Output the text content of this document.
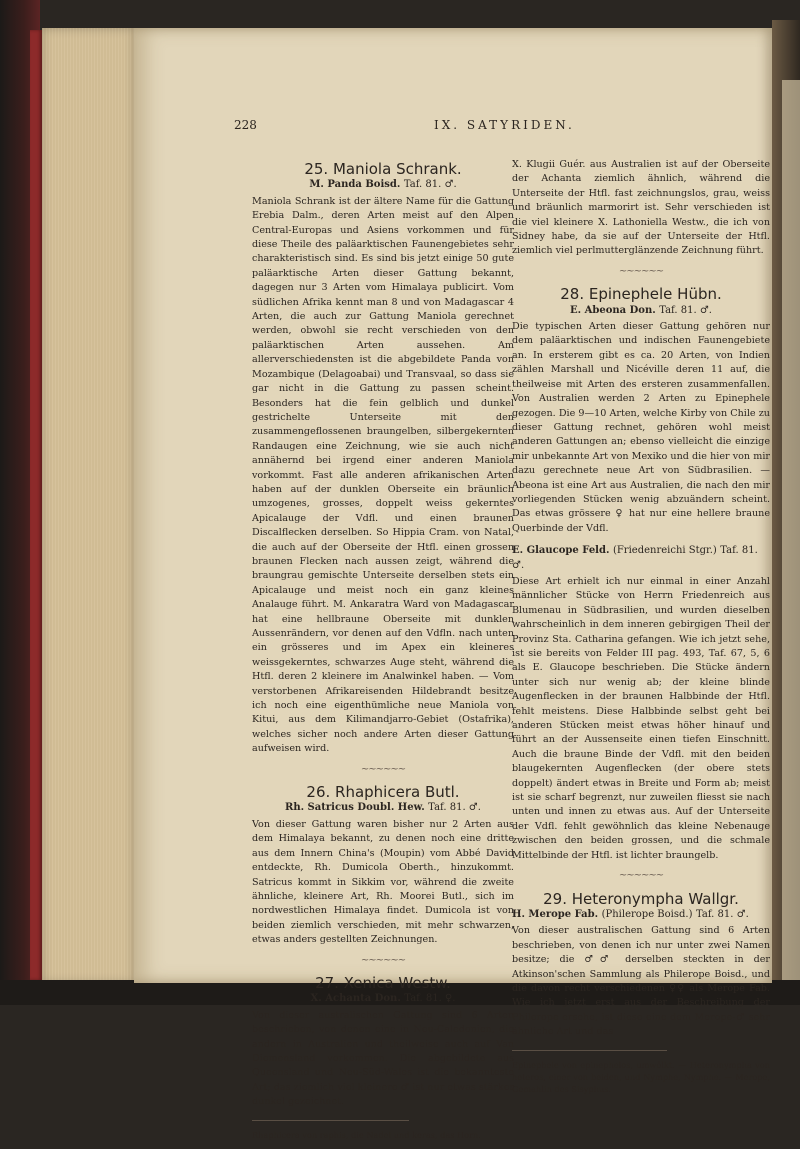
228	IX. SATYRIDEN.
25. Maniola Schrank.
M. Panda Boisd. Taf. 81. ♂.

Maniola Schrank ist der ältere Name für die Gattung Erebia Dalm., deren Arten meist auf den Alpen Central-Europas und Asiens vorkommen und für diese Theile des paläarktischen Faunengebietes sehr charakteristisch sind. Es sind bis jetzt einige 50 gute paläarktische Arten dieser Gattung bekannt, dagegen nur 3 Arten vom Himalaya publicirt. Vom südlichen Afrika kennt man 8 und von Madagascar 4 Arten, die auch zur Gattung Maniola gerechnet werden, obwohl sie recht verschieden von den paläarktischen Arten aussehen. Am allerverschiedensten ist die abgebildete Panda von Mozambique (Delagoabai) und Transvaal, so dass sie gar nicht in die Gattung zu passen scheint. Besonders hat die fein gelblich und dunkel gestrichelte Unterseite mit den zusammengeflossenen braungelben, silbergekernten Randaugen eine Zeichnung, wie sie auch nicht annähernd bei irgend einer anderen Maniola vorkommt. Fast alle anderen afrikanischen Arten haben auf der dunklen Oberseite ein bräunlich umzogenes, grosses, doppelt weiss gekerntes Apicalauge der Vdfl. und einen braunen Discalflecken derselben. So Hippia Cram. von Natal, die auch auf der Oberseite der Htfl. einen grossen braunen Flecken nach aussen zeigt, während die braungrau gemischte Unterseite derselben stets ein Apicalauge und meist noch ein ganz kleines Analauge führt. M. Ankaratra Ward von Madagascar hat eine hellbraune Oberseite mit dunklen Aussenrändern, vor denen auf den Vdfln. nach unten ein grösseres und im Apex ein kleineres weissgekerntes, schwarzes Auge steht, während die Htfl. deren 2 kleinere im Analwinkel haben. — Vom verstorbenen Afrikareisenden Hildebrandt besitze ich noch eine eigenthümliche neue Maniola von Kitui, aus dem Kilimandjarro-Gebiet (Ostafrika), welches sicher noch andere Arten dieser Gattung aufweisen wird.

~~~~~~
26. Rhaphicera Butl.
Rh. Satricus Doubl. Hew. Taf. 81. ♂.

Von dieser Gattung waren bisher nur 2 Arten aus dem Himalaya bekannt, zu denen noch eine dritte aus dem Innern China's (Moupin) vom Abbé David entdeckte, Rh. Dumicola Oberth., hinzukommt. Satricus kommt in Sikkim vor, während die zweite ähnliche, kleinere Art, Rh. Moorei Butl., sich im nordwestlichen Himalaya findet. Dumicola ist von beiden ziemlich verschieden, mit mehr schwarzen, etwas anders gestellten Zeichnungen.

~~~~~~
27. Xenica Westw.
X. Achanta Don. Taf. 81. ♀.

Von dieser australischen Gattung sind 6 Arten beschrieben, von denen eine in Neu-Caledonien, die andern in Australien und theilweise auch auf Van Diemensland vorkommen. Die abgebildete aus Queensland und Neu-Süd-Wales ist die bekannteste Art; das ziemlich viel kleinere ♂ ist nur etwas stärker dunkel gezeichnet.

Rhaphicera von raphis, die Nadel und keras, das Horn.

X. Klugii Guér. aus Australien ist auf der Oberseite der Achanta ziemlich ähnlich, während die Unterseite der Htfl. fast zeichnungslos, grau, weiss und bräunlich marmorirt ist. Sehr verschieden ist die viel kleinere X. Lathoniella Westw., die ich von Sidney habe, da sie auf der Unterseite der Htfl. ziemlich viel perlmutterglänzende Zeichnung führt.

~~~~~~
28. Epinephele Hübn.
E. Abeona Don. Taf. 81. ♂.

Die typischen Arten dieser Gattung gehören nur dem paläarktischen und indischen Faunengebiete an. In ersterem gibt es ca. 20 Arten, von Indien zählen Marshall und Nicéville deren 11 auf, die theilweise mit Arten des ersteren zusammenfallen. Von Australien werden 2 Arten zu Epinephele gezogen. Die 9—10 Arten, welche Kirby von Chile zu dieser Gattung rechnet, gehören wohl meist anderen Gattungen an; ebenso vielleicht die einzige mir unbekannte Art von Mexiko und die hier von mir dazu gerechnete neue Art von Südbrasilien. — Abeona ist eine Art aus Australien, die nach den mir vorliegenden Stücken wenig abzuändern scheint. Das etwas grössere ♀ hat nur eine hellere braune Querbinde der Vdfl.

E. Glaucope Feld. (Friedenreichi Stgr.) Taf. 81. ♂.

Diese Art erhielt ich nur einmal in einer Anzahl männlicher Stücke von Herrn Friedenreich aus Blumenau in Südbrasilien, und wurden dieselben wahrscheinlich in dem inneren gebirgigen Theil der Provinz Sta. Catharina gefangen. Wie ich jetzt sehe, ist sie bereits von Felder III pag. 493, Taf. 67, 5, 6 als E. Glaucope beschrieben. Die Stücke ändern unter sich nur wenig ab; der kleine blinde Augenflecken in der braunen Halbbinde der Htfl. fehlt meistens. Diese Halbbinde selbst geht bei anderen Stücken meist etwas höher hinauf und führt an der Aussenseite einen tiefen Einschnitt. Auch die braune Binde der Vdfl. mit den beiden blaugekernten Augenflecken (der obere stets doppelt) ändert etwas in Breite und Form ab; meist ist sie scharf begrenzt, nur zuweilen fliesst sie nach unten und innen zu etwas aus. Auf der Unterseite der Vdfl. fehlt gewöhnlich das kleine Nebenauge zwischen den beiden grossen, und die schmale Mittelbinde der Htfl. ist lichter braungelb.

~~~~~~
29. Heteronympha Wallgr.
H. Merope Fab. (Philerope Boisd.) Taf. 81. ♂.

Von dieser australischen Gattung sind 6 Arten beschrieben, von denen ich nur unter zwei Namen besitze; die ♂♂ derselben steckten in der Atkinson'schen Sammlung als Philerope Boisd., und die davon recht verschiedenen ♀♀ als Merope Fab. Wie ich jetzt erst aus der Beschreibung der Philerope ersehe, ist diese eine dem Merope-♂ sehr ähnliche Art und das

Epinephele von epinephelos, umwölkt. — Heteronympha von heteros, einer von beiden, und Nymphe, Nymphe. — Merope, Gemahlin des Sisyphus.
